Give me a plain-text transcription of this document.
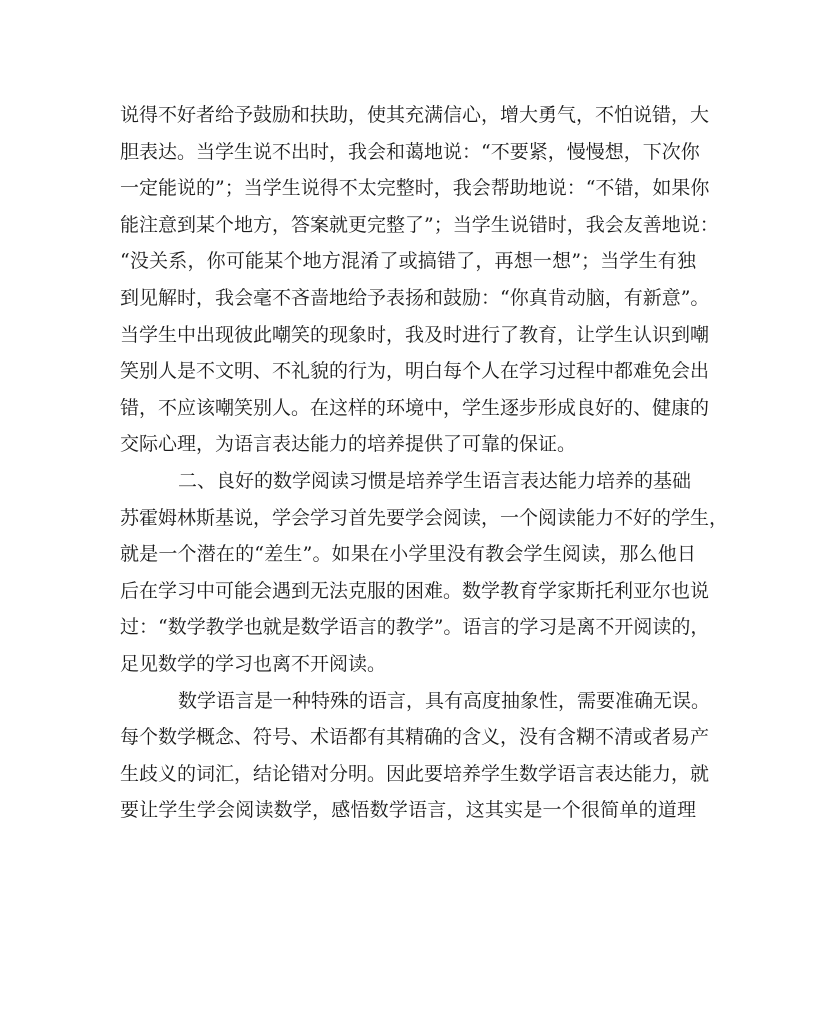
说得不好者给予鼓励和扶助，使其充满信心，增大勇气，不怕说错，大
胆表达。当学生说不出时，我会和蔼地说：“不要紧，慢慢想，下次你
一定能说的”；当学生说得不太完整时，我会帮助地说：“不错，如果你
能注意到某个地方，答案就更完整了”；当学生说错时，我会友善地说：
“没关系，你可能某个地方混淆了或搞错了，再想一想”；当学生有独
到见解时，我会毫不吝啬地给予表扬和鼓励：“你真肯动脑，有新意”。
当学生中出现彼此嘲笑的现象时，我及时进行了教育，让学生认识到嘲
笑别人是不文明、不礼貌的行为，明白每个人在学习过程中都难免会出
错，不应该嘲笑别人。在这样的环境中，学生逐步形成良好的、健康的
交际心理，为语言表达能力的培养提供了可靠的保证。
二、良好的数学阅读习惯是培养学生语言表达能力培养的基础
苏霍姆林斯基说，学会学习首先要学会阅读，一个阅读能力不好的学生，
就是一个潜在的“差生”。如果在小学里没有教会学生阅读，那么他日
后在学习中可能会遇到无法克服的困难。数学教育学家斯托利亚尔也说
过：“数学教学也就是数学语言的教学”。语言的学习是离不开阅读的，
足见数学的学习也离不开阅读。
数学语言是一种特殊的语言，具有高度抽象性，需要准确无误。
每个数学概念、符号、术语都有其精确的含义，没有含糊不清或者易产
生歧义的词汇，结论错对分明。因此要培养学生数学语言表达能力，就
要让学生学会阅读数学，感悟数学语言，这其实是一个很简单的道理
